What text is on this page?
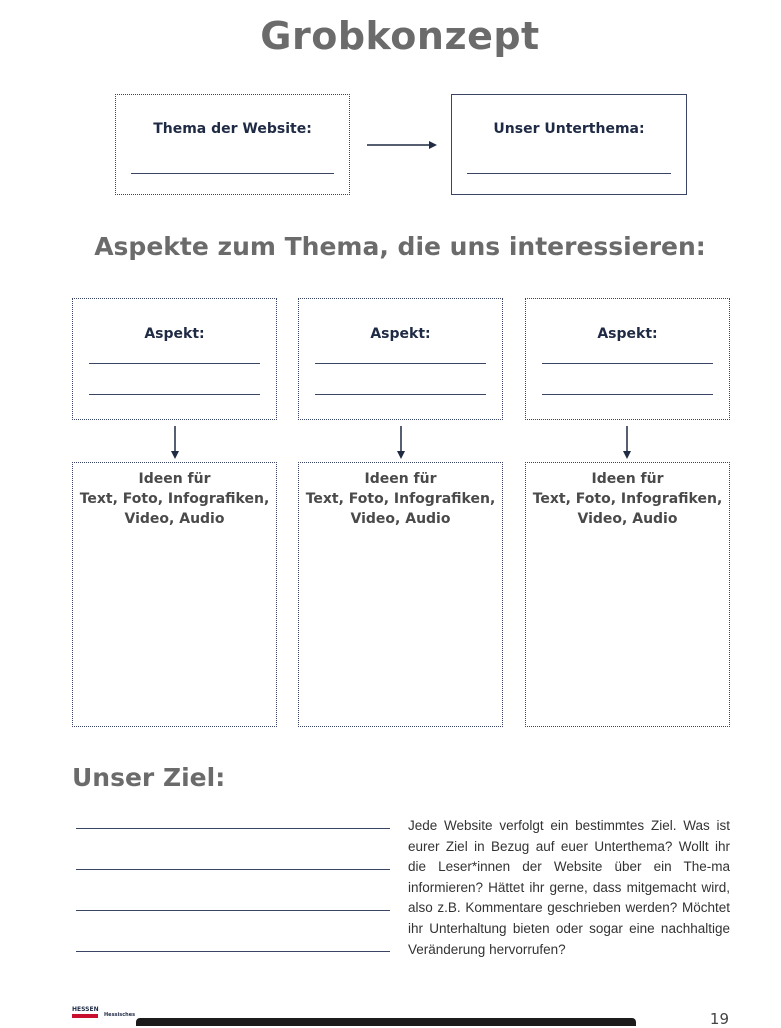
Grobkonzept
Thema der Website:	Unser Unterthema:
Aspekte zum Thema, die uns interessieren:
Aspekt:	Aspekt:	Aspekt:
Ideen für
Text, Foto, Infografiken,
Video, Audio
Ideen für
Text, Foto, Infografiken,
Video, Audio
Ideen für
Text, Foto, Infografiken,
Video, Audio
Unser Ziel:
Jede Website verfolgt ein bestimmtes Ziel. Was ist eurer Ziel in Bezug auf euer Unterthema? Wollt ihr die Leser*innen der Website über ein The-ma informieren? Hättet ihr gerne, dass mitgemacht wird, also z.B. Kommentare geschrieben werden? Möchtet ihr Unterhaltung bieten oder sogar eine nachhaltige Veränderung hervorrufen?
HESSEN
Hessisches	19
